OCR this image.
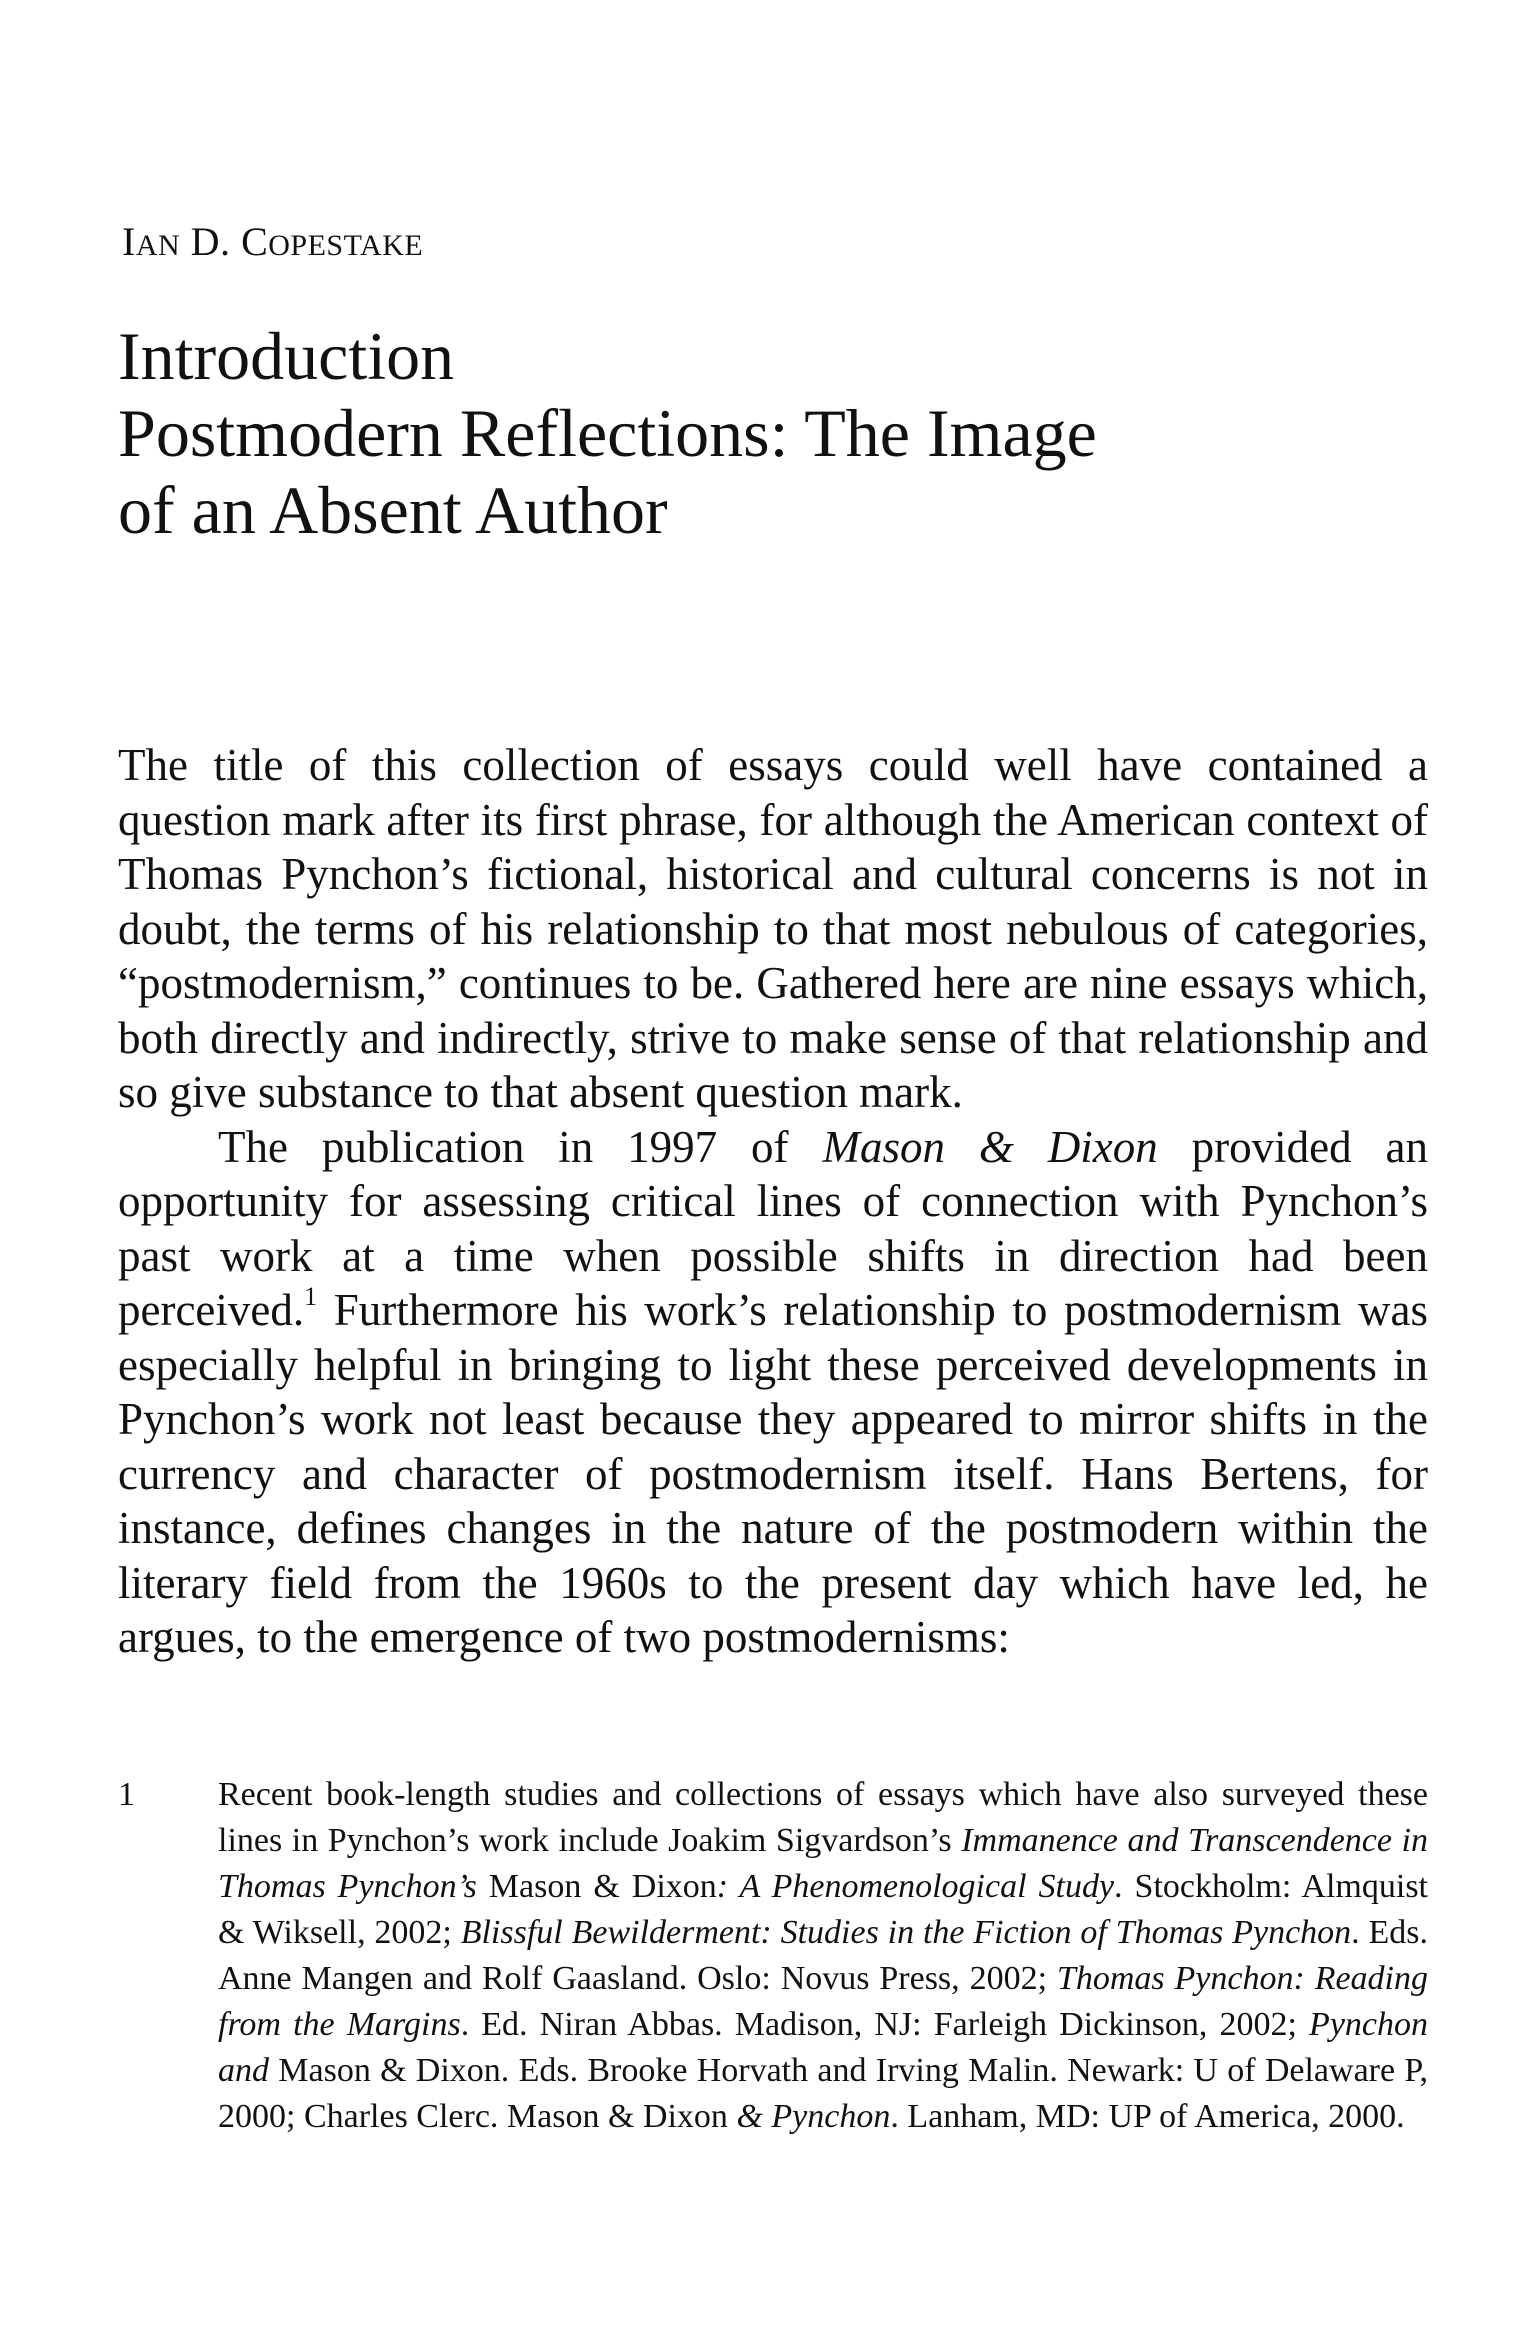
IAN D. COPESTAKE
Introduction
Postmodern Reflections: The Image
of an Absent Author

The title of this collection of essays could well have contained a question mark after its first phrase, for although the American context of Thomas Pynchon’s fictional, historical and cultural concerns is not in doubt, the terms of his relationship to that most nebulous of categories, “postmodernism,” continues to be. Gathered here are nine essays which, both directly and indirectly, strive to make sense of that relationship and so give substance to that absent question mark.

The publication in 1997 of Mason & Dixon provided an opportunity for assessing critical lines of connection with Pynchon’s past work at a time when possible shifts in direction had been perceived.$^1$ Furthermore his work’s relationship to postmodernism was especially helpful in bringing to light these perceived developments in Pynchon’s work not least because they appeared to mirror shifts in the currency and character of postmodernism itself. Hans Bertens, for instance, defines changes in the nature of the postmodern within the literary field from the 1960s to the present day which have led, he argues, to the emergence of two postmodernisms:

1 Recent book-length studies and collections of essays which have also surveyed these lines in Pynchon’s work include Joakim Sigvardson’s Immanence and Transcendence in Thomas Pynchon’s Mason & Dixon: A Phenomenological Study. Stockholm: Almquist & Wiksell, 2002; Blissful Bewilderment: Studies in the Fiction of Thomas Pynchon. Eds. Anne Mangen and Rolf Gaasland. Oslo: Novus Press, 2002; Thomas Pynchon: Reading from the Margins. Ed. Niran Abbas. Madison, NJ: Farleigh Dickinson, 2002; Pynchon and Mason & Dixon. Eds. Brooke Horvath and Irving Malin. Newark: U of Delaware P, 2000; Charles Clerc. Mason & Dixon & Pynchon. Lanham, MD: UP of America, 2000.
